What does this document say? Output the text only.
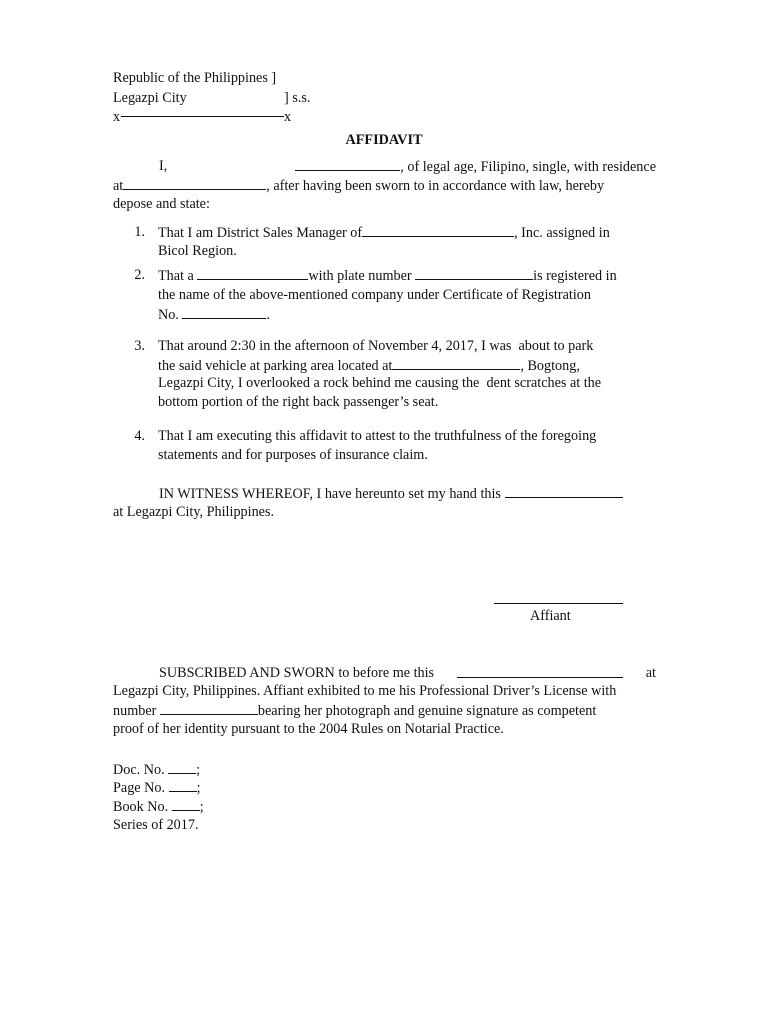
Republic of the Philippines ]
Legazpi City	] s.s.
x	x
AFFIDAVIT
I,	, of legal age, Filipino, single, with residence
at	, after having been sworn to in accordance with law, hereby
depose and state:
1. That I am District Sales Manager of	, Inc. assigned in
Bicol Region.
2. That a	with plate number	is registered in
the name of the above-mentioned company under Certificate of Registration
No.	.
3. That around 2:30 in the afternoon of November 4, 2017, I was  about to park
the said vehicle at parking area located at	, Bogtong,
Legazpi City, I overlooked a rock behind me causing the  dent scratches at the
bottom portion of the right back passenger’s seat.
4. That I am executing this affidavit to attest to the truthfulness of the foregoing
statements and for purposes of insurance claim.
IN WITNESS WHEREOF, I have hereunto set my hand this
at Legazpi City, Philippines.
Affiant
SUBSCRIBED AND SWORN to before me this	at
Legazpi City, Philippines. Affiant exhibited to me his Professional Driver’s License with
number	bearing her photograph and genuine signature as competent
proof of her identity pursuant to the 2004 Rules on Notarial Practice.
Doc. No. ;
Page No. ;
Book No. ;
Series of 2017.
